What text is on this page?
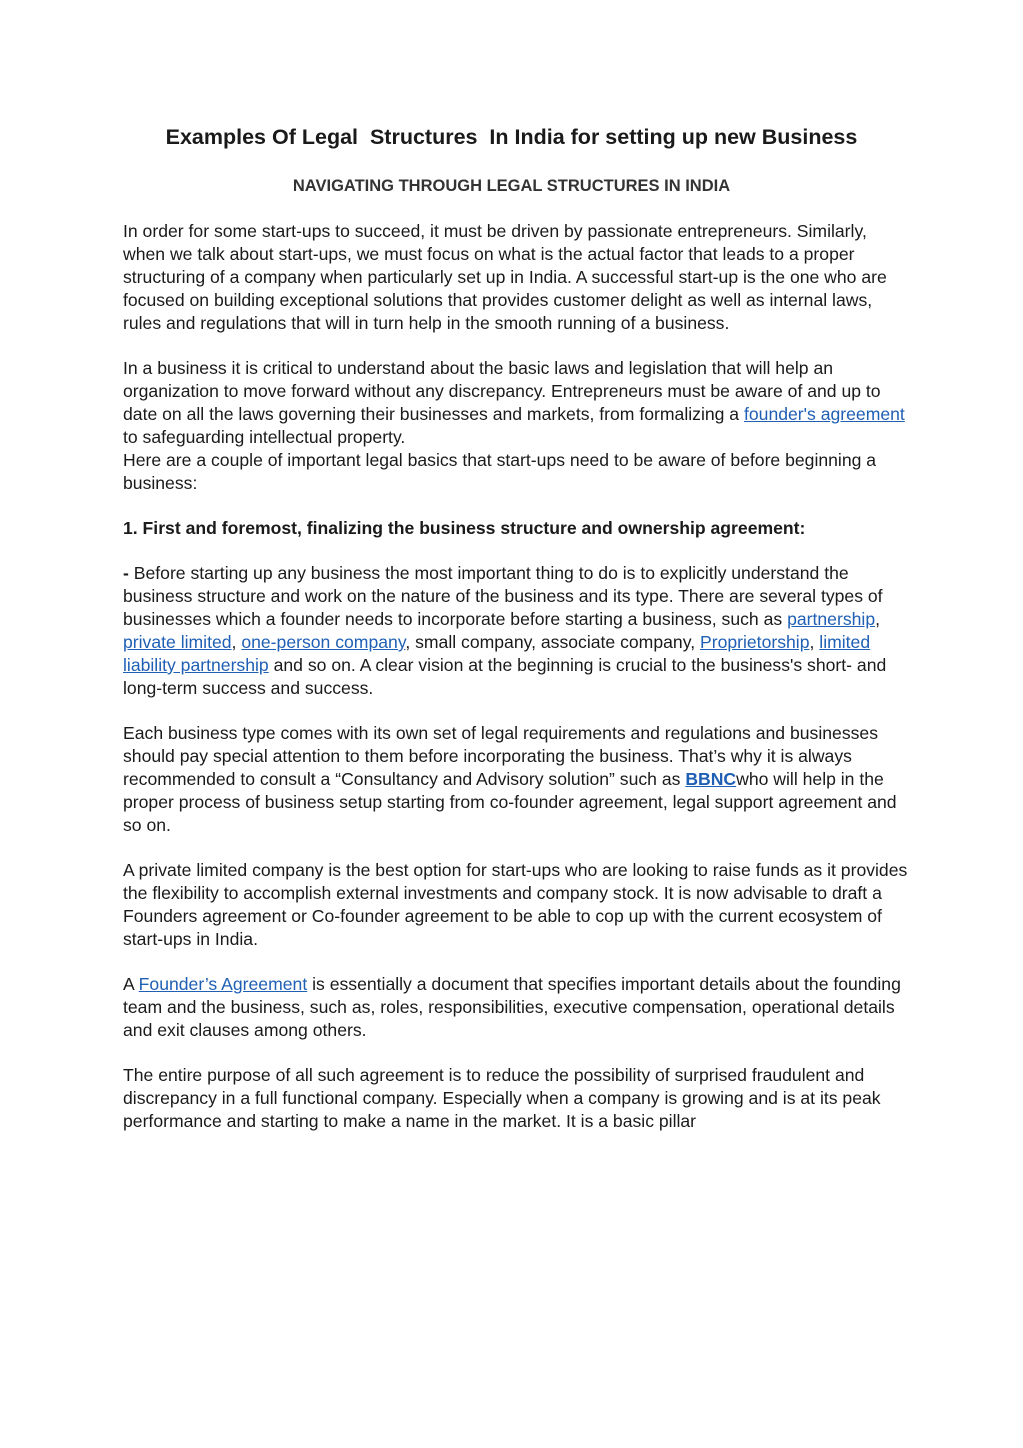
Examples Of Legal  Structures  In India for setting up new Business
NAVIGATING THROUGH LEGAL STRUCTURES IN INDIA

In order for some start-ups to succeed, it must be driven by passionate entrepreneurs. Similarly, when we talk about start-ups, we must focus on what is the actual factor that leads to a proper structuring of a company when particularly set up in India. A successful start-up is the one who are focused on building exceptional solutions that provides customer delight as well as internal laws, rules and regulations that will in turn help in the smooth running of a business.

In a business it is critical to understand about the basic laws and legislation that will help an organization to move forward without any discrepancy. Entrepreneurs must be aware of and up to date on all the laws governing their businesses and markets, from formalizing a founder's agreement to safeguarding intellectual property.

Here are a couple of important legal basics that start-ups need to be aware of before beginning a business:

1. First and foremost, finalizing the business structure and ownership agreement:

- Before starting up any business the most important thing to do is to explicitly understand the business structure and work on the nature of the business and its type. There are several types of businesses which a founder needs to incorporate before starting a business, such as partnership, private limited, one-person company, small company, associate company, Proprietorship, limited liability partnership and so on. A clear vision at the beginning is crucial to the business's short- and long-term success and success.

Each business type comes with its own set of legal requirements and regulations and businesses should pay special attention to them before incorporating the business. That’s why it is always recommended to consult a “Consultancy and Advisory solution” such as BBNCwho will help in the proper process of business setup starting from co-founder agreement, legal support agreement and so on.

A private limited company is the best option for start-ups who are looking to raise funds as it provides the flexibility to accomplish external investments and company stock. It is now advisable to draft a Founders agreement or Co-founder agreement to be able to cop up with the current ecosystem of start-ups in India.

A Founder’s Agreement is essentially a document that specifies important details about the founding team and the business, such as, roles, responsibilities, executive compensation, operational details and exit clauses among others.

The entire purpose of all such agreement is to reduce the possibility of surprised fraudulent and discrepancy in a full functional company. Especially when a company is growing and is at its peak performance and starting to make a name in the market. It is a basic pillar
